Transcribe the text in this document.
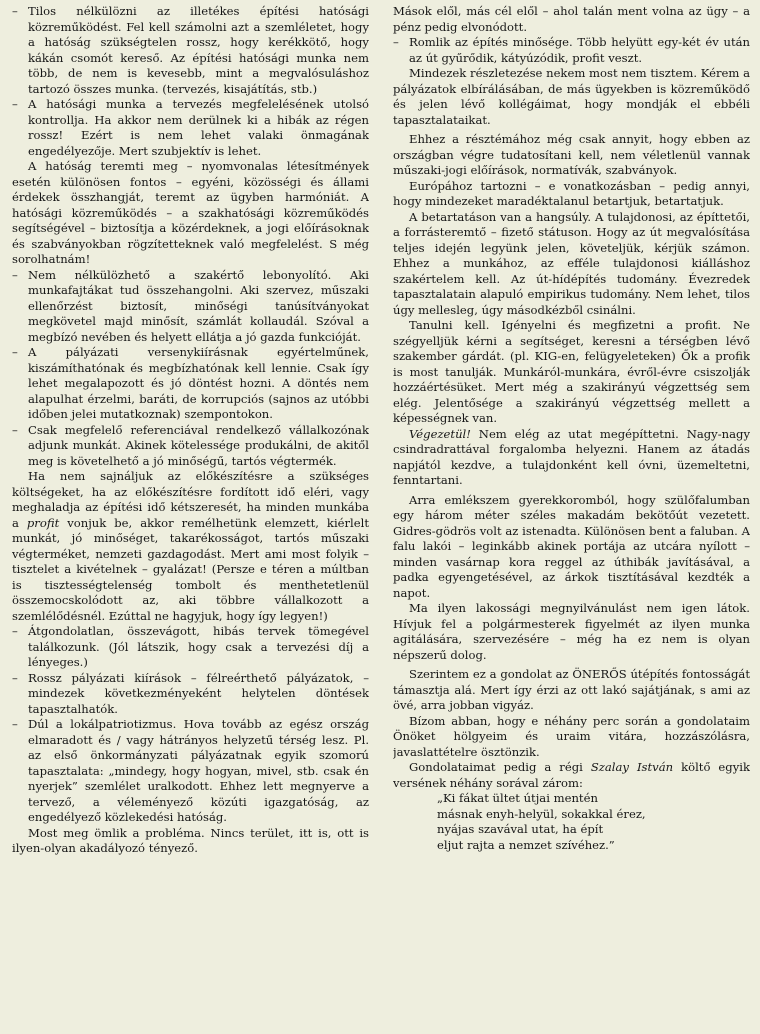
– Tilos nélkülözni az illetékes építési hatósági közreműködést. Fel kell számolni azt a szemléletet, hogy a hatóság szükségtelen rossz, hogy kerékkötő, hogy kákán csomót kereső. Az építési hatósági munka nem több, de nem is kevesebb, mint a megvalósuláshoz tartozó összes munka. (tervezés, kisajátítás, stb.)

– A hatósági munka a tervezés megfelelésének utolsó kontrollja. Ha akkor nem derülnek ki a hibák az régen rossz! Ezért is nem lehet valaki önmagának engedélyezője. Mert szubjektív is lehet.

A hatóság teremti meg – nyomvonalas létesítmények esetén különösen fontos – egyéni, közösségi és állami érdekek összhangját, teremt az ügyben harmóniát. A hatósági közreműködés – a szakhatósági közreműködés segítségével – biztosítja a közérdeknek, a jogi előírásoknak és szabványokban rögzítetteknek való megfelelést. S még sorolhatnám!

– Nem nélkülözhető a szakértő lebonyolító. Aki munkafajtákat tud összehangolni. Aki szervez, műszaki ellenőrzést biztosít, minőségi tanúsítványokat megkövetel majd minősít, számlát kollaudál. Szóval a megbízó nevében és helyett ellátja a jó gazda funkcióját.

– A pályázati versenykiírásnak egyértelműnek, kiszámíthatónak és megbízhatónak kell lennie. Csak így lehet megalapozott és jó döntést hozni. A döntés nem alapulhat érzelmi, baráti, de korrupciós (sajnos az utóbbi időben jelei mutatkoznak) szempontokon.

– Csak megfelelő referenciával rendelkező vállalkozónak adjunk munkát. Akinek kötelessége produkálni, de akitől meg is követelhető a jó minőségű, tartós végtermék.

Ha nem sajnáljuk az előkészítésre a szükséges költségeket, ha az előkészítésre fordított idő eléri, vagy meghaladja az építési idő kétszeresét, ha minden munkába a profit vonjuk be, akkor remélhetünk elemzett, kiérlelt munkát, jó minőséget, takarékosságot, tartós műszaki végterméket, nemzeti gazdagodást. Mert ami most folyik – tisztelet a kivételnek – gyalázat! (Persze e téren a múltban is tisztességtelenség tombolt és menthetetlenül összemocskolódott az, aki többre vállalkozott a szemlélődésnél. Ezúttal ne hagyjuk, hogy így legyen!)

– Átgondolatlan, összevágott, hibás tervek tömegével találkozunk. (Jól látszik, hogy csak a tervezési díj a lényeges.)

– Rossz pályázati kiírások – félreérthető pályázatok, – mindezek következményeként helytelen döntések tapasztalhatók.

– Dúl a lokálpatriotizmus. Hova tovább az egész ország elmaradott és / vagy hátrányos helyzetű térség lesz. Pl. az első önkormányzati pályázatnak egyik szomorú tapasztalata: „mindegy, hogy hogyan, mivel, stb. csak én nyerjek” szemlélet uralkodott. Ehhez lett megnyerve a tervező, a véleményező közúti igazgatóság, az engedélyező közlekedési hatóság.

Most meg ömlik a probléma. Nincs terület, itt is, ott is ilyen-olyan akadályozó tényező.

Mások elől, más cél elől – ahol talán ment volna az ügy – a pénz pedig elvonódott.

– Romlik az építés minősége. Több helyütt egy-két év után az út gyűrődik, kátyúzódik, profit veszt.

Mindezek részletezése nekem most nem tisztem. Kérem a pályázatok elbírálásában, de más ügyekben is közreműködő és jelen lévő kollégáimat, hogy mondják el ebbéli tapasztalataikat.

Ehhez a résztémához még csak annyit, hogy ebben az országban végre tudatosítani kell, nem véletlenül vannak műszaki-jogi előírások, normatívák, szabványok.

Európához tartozni – e vonatkozásban – pedig annyi, hogy mindezeket maradéktalanul betartjuk, betartatjuk.

A betartatáson van a hangsúly. A tulajdonosi, az építtetői, a forrásteremtő – fizető státuson. Hogy az út megvalósítása teljes idején legyünk jelen, követeljük, kérjük számon. Ehhez a munkához, az efféle tulajdonosi kiálláshoz szakértelem kell. Az út-hídépítés tudomány. Évezredek tapasztalatain alapuló empirikus tudomány. Nem lehet, tilos úgy mellesleg, úgy másodkézből csinálni.

Tanulni kell. Igényelni és megfizetni a profit. Ne szégyelljük kérni a segítséget, keresni a térségben lévő szakember gárdát. (pl. KIG-en, felügyeleteken) Ők a profik is most tanulják. Munkáról-munkára, évről-évre csiszolják hozzáértésüket. Mert még a szakirányú végzettség sem elég. Jelentősége a szakirányú végzettség mellett a képességnek van.

Végezetül! Nem elég az utat megépíttetni. Nagy-nagy csindradrattával forgalomba helyezni. Hanem az átadás napjától kezdve, a tulajdonként kell óvni, üzemeltetni, fenntartani.

Arra emlékszem gyerekkoromból, hogy szülőfalumban egy három méter széles makadám bekötőút vezetett. Gidres-gödrös volt az istenadta. Különösen bent a faluban. A falu lakói – leginkább akinek portája az utcára nyílott – minden vasárnap kora reggel az úthibák javításával, a padka egyengetésével, az árkok tisztításával kezdték a napot.

Ma ilyen lakossági megnyilvánulást nem igen látok. Hívjuk fel a polgármesterek figyelmét az ilyen munka agitálására, szervezésére – még ha ez nem is olyan népszerű dolog.

Szerintem ez a gondolat az ÖNERŐS útépítés fontosságát támasztja alá. Mert így érzi az ott lakó sajátjának, s ami az övé, arra jobban vigyáz.

Bízom abban, hogy e néhány perc során a gondolataim Önöket hölgyeim és uraim vitára, hozzászólásra, javaslattételre ösztönzik.

Gondolataimat pedig a régi Szalay István költő egyik versének néhány sorával zárom:

„Ki fákat ültet útjai mentén
másnak enyh-helyül, sokakkal érez,
nyájas szavával utat, ha épít
eljut rajta a nemzet szívéhez.”
